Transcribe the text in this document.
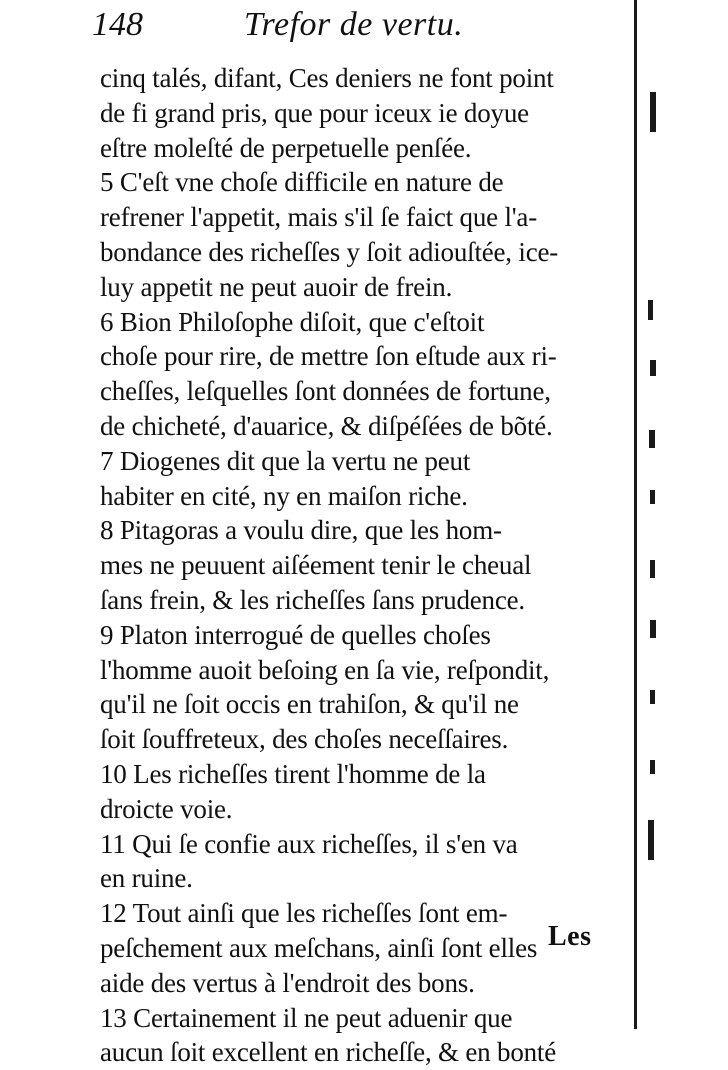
148	Trefor de vertu.
cinq talés, difant, Ces deniers ne font point
de fi grand pris, que pour iceux ie doyue
eſtre moleſté de perpetuelle penſée.
5 C'eſt vne choſe difficile en nature de
refrener l'appetit, mais s'il ſe faict que l'a-
bondance des richeſſes y ſoit adiouſtée, ice-
luy appetit ne peut auoir de frein.
6 Bion Philoſophe diſoit, que c'eſtoit
choſe pour rire, de mettre ſon eſtude aux ri-
cheſſes, leſquelles ſont données de fortune,
de chicheté, d'auarice, & diſpéſées de bõté.
7 Diogenes dit que la vertu ne peut
habiter en cité, ny en maiſon riche.
8 Pitagoras a voulu dire, que les hom-
mes ne peuuent aiſéement tenir le cheual
ſans frein, & les richeſſes ſans prudence.
9 Platon interrogué de quelles choſes
l'homme auoit beſoing en ſa vie, reſpondit,
qu'il ne ſoit occis en trahiſon, & qu'il ne
ſoit ſouffreteux, des choſes neceſſaires.
10 Les richeſſes tirent l'homme de la
droicte voie.
11 Qui ſe confie aux richeſſes, il s'en va
en ruine.
12 Tout ainſi que les richeſſes ſont em-
peſchement aux meſchans, ainſi ſont elles
aide des vertus à l'endroit des bons.
13 Certainement il ne peut aduenir que
aucun ſoit excellent en richeſſe, & en bonté
Les
